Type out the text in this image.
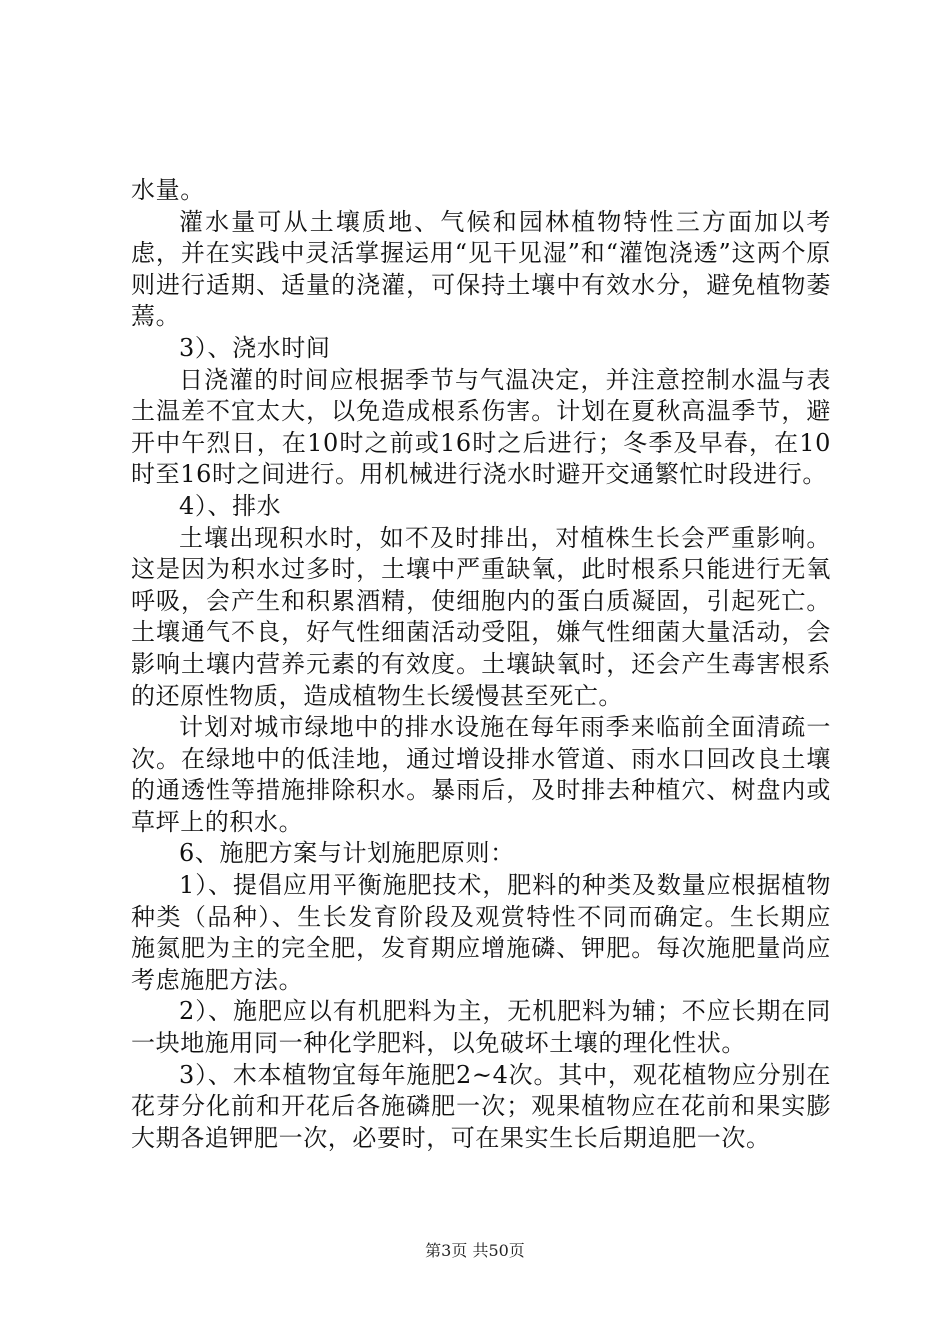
水量。

灌水量可从土壤质地、气候和园林植物特性三方面加以考虑，并在实践中灵活掌握运用“见干见湿”和“灌饱浇透”这两个原则进行适期、适量的浇灌，可保持土壤中有效水分，避免植物萎蔫。

3）、浇水时间

日浇灌的时间应根据季节与气温决定，并注意控制水温与表土温差不宜太大，以免造成根系伤害。计划在夏秋高温季节，避开中午烈日，在10时之前或16时之后进行；冬季及早春，在10时至16时之间进行。用机械进行浇水时避开交通繁忙时段进行。

4）、排水

土壤出现积水时，如不及时排出，对植株生长会严重影响。这是因为积水过多时，土壤中严重缺氧，此时根系只能进行无氧呼吸，会产生和积累酒精，使细胞内的蛋白质凝固，引起死亡。土壤通气不良，好气性细菌活动受阻，嫌气性细菌大量活动，会影响土壤内营养元素的有效度。土壤缺氧时，还会产生毒害根系的还原性物质，造成植物生长缓慢甚至死亡。

计划对城市绿地中的排水设施在每年雨季来临前全面清疏一次。在绿地中的低洼地，通过增设排水管道、雨水口回改良土壤的通透性等措施排除积水。暴雨后，及时排去种植穴、树盘内或草坪上的积水。

6、施肥方案与计划施肥原则：

1）、提倡应用平衡施肥技术，肥料的种类及数量应根据植物种类（品种）、生长发育阶段及观赏特性不同而确定。生长期应施氮肥为主的完全肥，发育期应增施磷、钾肥。每次施肥量尚应考虑施肥方法。

2）、施肥应以有机肥料为主，无机肥料为辅；不应长期在同一块地施用同一种化学肥料，以免破坏土壤的理化性状。

3）、木本植物宜每年施肥2~4次。其中，观花植物应分别在花芽分化前和开花后各施磷肥一次；观果植物应在花前和果实膨大期各追钾肥一次，必要时，可在果实生长后期追肥一次。

第3页 共50页
